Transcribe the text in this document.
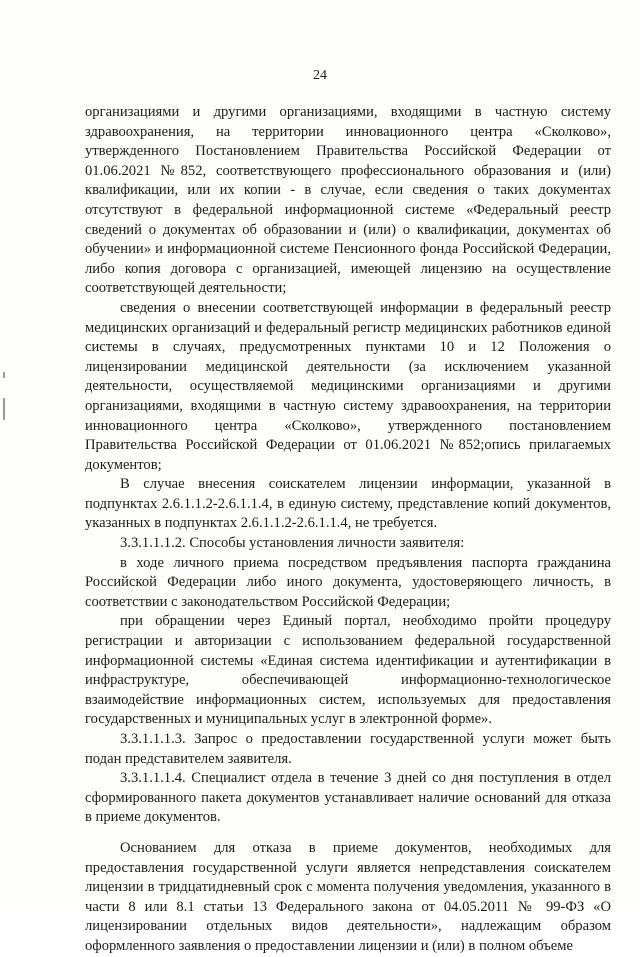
24

организациями и другими организациями, входящими в частную систему здравоохранения, на территории инновационного центра «Сколково», утвержденного Постановлением Правительства Российской Федерации от 01.06.2021 №852, соответствующего профессионального образования и (или) квалификации, или их копии - в случае, если сведения о таких документах отсутствуют в федеральной информационной системе «Федеральный реестр сведений о документах об образовании и (или) о квалификации, документах об обучении» и информационной системе Пенсионного фонда Российской Федерации, либо копия договора с организацией, имеющей лицензию на осуществление соответствующей деятельности;

сведения о внесении соответствующей информации в федеральный реестр медицинских организаций и федеральный регистр медицинских работников единой системы в случаях, предусмотренных пунктами 10 и 12 Положения о лицензировании медицинской деятельности (за исключением указанной деятельности, осуществляемой медицинскими организациями и другими организациями, входящими в частную систему здравоохранения, на территории инновационного центра «Сколково», утвержденного постановлением Правительства Российской Федерации от 01.06.2021 №852;опись прилагаемых документов;

В случае внесения соискателем лицензии информации, указанной в подпунктах 2.6.1.1.2-2.6.1.1.4, в единую систему, представление копий документов, указанных в подпунктах 2.6.1.1.2-2.6.1.1.4, не требуется.

3.3.1.1.1.2. Способы установления личности заявителя:

в ходе личного приема посредством предъявления паспорта гражданина Российской Федерации либо иного документа, удостоверяющего личность, в соответствии с законодательством Российской Федерации;

при обращении через Единый портал, необходимо пройти процедуру регистрации и авторизации с использованием федеральной государственной информационной системы «Единая система идентификации и аутентификации в инфраструктуре, обеспечивающей информационно-технологическое взаимодействие информационных систем, используемых для предоставления государственных и муниципальных услуг в электронной форме».

3.3.1.1.1.3. Запрос о предоставлении государственной услуги может быть подан представителем заявителя.

3.3.1.1.1.4. Специалист отдела в течение 3 дней со дня поступления в отдел сформированного пакета документов устанавливает наличие оснований для отказа в приеме документов.

Основанием для отказа в приеме документов, необходимых для предоставления государственной услуги является непредставления соискателем лицензии в тридцатидневный срок с момента получения уведомления, указанного в части 8 или 8.1 статьи 13 Федерального закона от 04.05.2011 № 99-ФЗ «О лицензировании отдельных видов деятельности», надлежащим образом оформленного заявления о предоставлении лицензии и (или) в полном объеме
